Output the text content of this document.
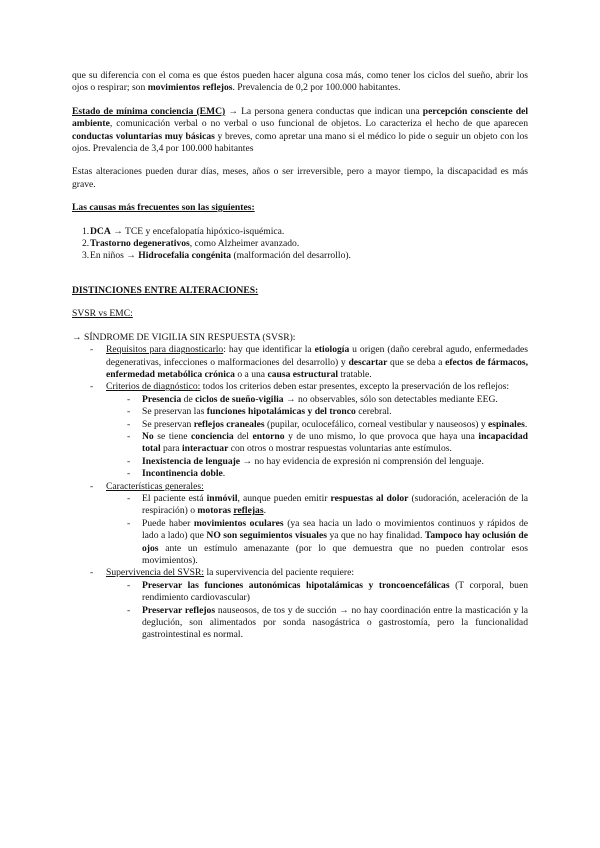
que su diferencia con el coma es que éstos pueden hacer alguna cosa más, como tener los ciclos del sueño, abrir los ojos o respirar; son movimientos reflejos. Prevalencia de 0,2 por 100.000 habitantes.

Estado de mínima conciencia (EMC) → La persona genera conductas que indican una percepción consciente del ambiente, comunicación verbal o no verbal o uso funcional de objetos. Lo caracteriza el hecho de que aparecen conductas voluntarias muy básicas y breves, como apretar una mano si el médico lo pide o seguir un objeto con los ojos. Prevalencia de 3,4 por 100.000 habitantes

Estas alteraciones pueden durar días, meses, años o ser irreversible, pero a mayor tiempo, la discapacidad es más grave.

Las causas más frecuentes son las siguientes:

1. DCA → TCE y encefalopatía hipóxico-isquémica.
2. Trastorno degenerativos, como Alzheimer avanzado.
3. En niños → Hidrocefalia congénita (malformación del desarrollo).

DISTINCIONES ENTRE ALTERACIONES:

SVSR vs EMC:

→ SÍNDROME DE VIGILIA SIN RESPUESTA (SVSR):

- Requisitos para diagnosticarlo: hay que identificar la etiología u origen (daño cerebral agudo, enfermedades degenerativas, infecciones o malformaciones del desarrollo) y descartar que se deba a efectos de fármacos, enfermedad metabólica crónica o a una causa estructural tratable.

- Criterios de diagnóstico: todos los criterios deben estar presentes, excepto la preservación de los reflejos:

- Presencia de ciclos de sueño-vigilia → no observables, sólo son detectables mediante EEG.

- Se preservan las funciones hipotalámicas y del tronco cerebral.

- Se preservan reflejos craneales (pupilar, oculocefálico, corneal vestibular y nauseosos) y espinales.

- No se tiene conciencia del entorno y de uno mismo, lo que provoca que haya una incapacidad total para interactuar con otros o mostrar respuestas voluntarias ante estímulos.

- Inexistencia de lenguaje → no hay evidencia de expresión ni comprensión del lenguaje.

- Incontinencia doble.

- Características generales:

- El paciente está inmóvil, aunque pueden emitir respuestas al dolor (sudoración, aceleración de la respiración) o motoras reflejas.

- Puede haber movimientos oculares (ya sea hacia un lado o movimientos continuos y rápidos de lado a lado) que NO son seguimientos visuales ya que no hay finalidad. Tampoco hay oclusión de ojos ante un estímulo amenazante (por lo que demuestra que no pueden controlar esos movimientos).

- Supervivencia del SVSR: la supervivencia del paciente requiere:

- Preservar las funciones autonómicas hipotalámicas y troncoencefálicas (T corporal, buen rendimiento cardiovascular)

- Preservar reflejos nauseosos, de tos y de succión → no hay coordinación entre la masticación y la deglución, son alimentados por sonda nasogástrica o gastrostomía, pero la funcionalidad gastrointestinal es normal.
